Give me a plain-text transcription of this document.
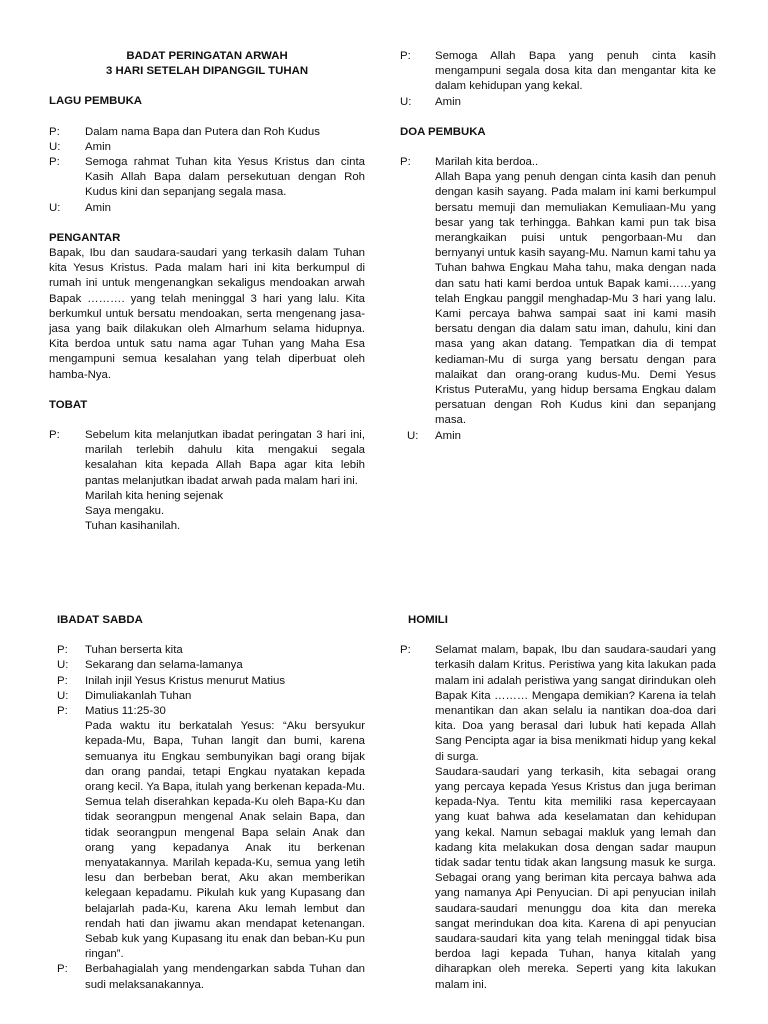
BADAT PERINGATAN ARWAH
3 HARI SETELAH DIPANGGIL TUHAN
LAGU PEMBUKA
P:	Dalam nama Bapa dan Putera dan Roh Kudus
U:	Amin
P:	Semoga rahmat Tuhan kita Yesus Kristus dan cinta Kasih Allah Bapa dalam persekutuan dengan Roh Kudus kini dan sepanjang segala masa.
U:	Amin
PENGANTAR
Bapak, Ibu dan saudara-saudari yang terkasih dalam Tuhan kita Yesus Kristus. Pada malam hari ini kita berkumpul di rumah ini untuk mengenangkan sekaligus mendoakan arwah Bapak ………. yang telah meninggal 3 hari yang lalu. Kita berkumkul untuk bersatu mendoakan, serta mengenang jasa-jasa yang baik dilakukan oleh Almarhum selama hidupnya. Kita berdoa untuk satu nama agar Tuhan yang Maha Esa mengampuni semua kesalahan yang telah diperbuat oleh hamba-Nya.
TOBAT
P:	Sebelum kita melanjutkan ibadat peringatan 3 hari ini, marilah terlebih dahulu kita mengakui segala kesalahan kita kepada Allah Bapa agar kita lebih pantas melanjutkan ibadat arwah pada malam hari ini.
Marilah kita hening sejenak
Saya mengaku.
Tuhan kasihanilah.
P:	Semoga Allah Bapa yang penuh cinta kasih mengampuni segala dosa kita dan mengantar kita ke dalam kehidupan yang kekal.
U:	Amin
DOA PEMBUKA
P:	Marilah kita berdoa..
Allah Bapa yang penuh dengan cinta kasih dan penuh dengan kasih sayang. Pada malam ini kami berkumpul bersatu memuji dan memuliakan Kemuliaan-Mu yang besar yang tak terhingga. Bahkan kami pun tak bisa merangkaikan puisi untuk pengorbaan-Mu dan bernyanyi untuk kasih sayang-Mu. Namun kami tahu ya Tuhan bahwa Engkau Maha tahu, maka dengan nada dan satu hati kami berdoa untuk Bapak kami……yang telah Engkau panggil menghadap-Mu 3 hari yang lalu. Kami percaya bahwa sampai saat ini kami masih bersatu dengan dia dalam satu iman, dahulu, kini dan masa yang akan datang. Tempatkan dia di tempat kediaman-Mu di surga yang bersatu dengan para malaikat dan orang-orang kudus-Mu. Demi Yesus Kristus PuteraMu, yang hidup bersama Engkau dalam persatuan dengan Roh Kudus kini dan sepanjang masa.
U:	Amin
IBADAT SABDA
P:	Tuhan berserta kita
U:	Sekarang dan selama-lamanya
P:	Inilah injil Yesus Kristus menurut Matius
U:	Dimuliakanlah Tuhan
P:	Matius 11:25-30
Pada waktu itu berkatalah Yesus: “Aku bersyukur kepada-Mu, Bapa, Tuhan langit dan bumi, karena semuanya itu Engkau sembunyikan bagi orang bijak dan orang pandai, tetapi Engkau nyatakan kepada orang kecil. Ya Bapa, itulah yang berkenan kepada-Mu. Semua telah diserahkan kepada-Ku oleh Bapa-Ku dan tidak seorangpun mengenal Anak selain Bapa, dan tidak seorangpun mengenal Bapa selain Anak dan orang yang kepadanya Anak itu berkenan menyatakannya. Marilah kepada-Ku, semua yang letih lesu dan berbeban berat, Aku akan memberikan kelegaan kepadamu. Pikulah kuk yang Kupasang dan belajarlah pada-Ku, karena Aku lemah lembut dan rendah hati dan jiwamu akan mendapat ketenangan. Sebab kuk yang Kupasang itu enak dan beban-Ku pun ringan”.
P:	Berbahagialah yang mendengarkan sabda Tuhan dan sudi melaksanakannya.
HOMILI
P:	Selamat malam, bapak, Ibu dan saudara-saudari yang terkasih dalam Kritus. Peristiwa yang kita lakukan pada malam ini adalah peristiwa yang sangat dirindukan oleh Bapak Kita ……… Mengapa demikian? Karena ia telah menantikan dan akan selalu ia nantikan doa-doa dari kita. Doa yang berasal dari lubuk hati kepada Allah Sang Pencipta agar ia bisa menikmati hidup yang kekal di surga.
Saudara-saudari yang terkasih, kita sebagai orang yang percaya kepada Yesus Kristus dan juga beriman kepada-Nya. Tentu kita memiliki rasa kepercayaan yang kuat bahwa ada keselamatan dan kehidupan yang kekal. Namun sebagai makluk yang lemah dan kadang kita melakukan dosa dengan sadar maupun tidak sadar tentu tidak akan langsung masuk ke surga. Sebagai orang yang beriman kita percaya bahwa ada yang namanya Api Penyucian. Di api penyucian inilah saudara-saudari menunggu doa kita dan mereka sangat merindukan doa kita. Karena di api penyucian saudara-saudari kita yang telah meninggal tidak bisa berdoa lagi kepada Tuhan, hanya kitalah yang diharapkan oleh mereka. Seperti yang kita lakukan malam ini.
